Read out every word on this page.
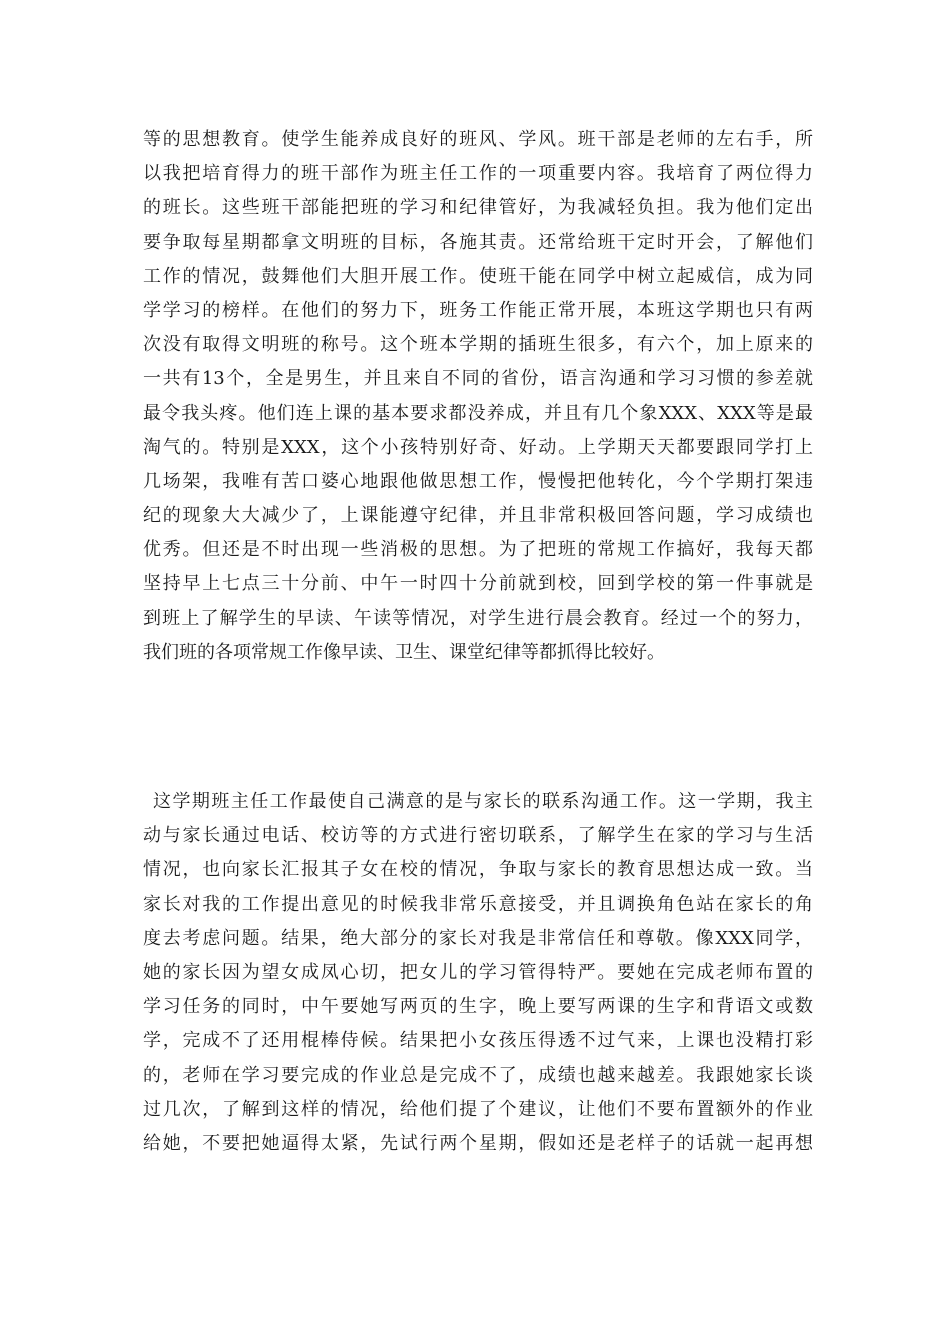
等的思想教育。使学生能养成良好的班风、学风。班干部是老师的左右手，所
以我把培育得力的班干部作为班主任工作的一项重要内容。我培育了两位得力
的班长。这些班干部能把班的学习和纪律管好，为我减轻负担。我为他们定出
要争取每星期都拿文明班的目标，各施其责。还常给班干定时开会，了解他们
工作的情况，鼓舞他们大胆开展工作。使班干能在同学中树立起威信，成为同
学学习的榜样。在他们的努力下，班务工作能正常开展，本班这学期也只有两
次没有取得文明班的称号。这个班本学期的插班生很多，有六个，加上原来的
一共有13个，全是男生，并且来自不同的省份，语言沟通和学习习惯的参差就
最令我头疼。他们连上课的基本要求都没养成，并且有几个象XXX、XXX等是最
淘气的。特别是XXX，这个小孩特别好奇、好动。上学期天天都要跟同学打上
几场架，我唯有苦口婆心地跟他做思想工作，慢慢把他转化，今个学期打架违
纪的现象大大减少了，上课能遵守纪律，并且非常积极回答问题，学习成绩也
优秀。但还是不时出现一些消极的思想。为了把班的常规工作搞好，我每天都
坚持早上七点三十分前、中午一时四十分前就到校，回到学校的第一件事就是
到班上了解学生的早读、午读等情况，对学生进行晨会教育。经过一个的努力，
我们班的各项常规工作像早读、卫生、课堂纪律等都抓得比较好。
这学期班主任工作最使自己满意的是与家长的联系沟通工作。这一学期，我主
动与家长通过电话、校访等的方式进行密切联系，了解学生在家的学习与生活
情况，也向家长汇报其子女在校的情况，争取与家长的教育思想达成一致。当
家长对我的工作提出意见的时候我非常乐意接受，并且调换角色站在家长的角
度去考虑问题。结果，绝大部分的家长对我是非常信任和尊敬。像XXX同学，
她的家长因为望女成凤心切，把女儿的学习管得特严。要她在完成老师布置的
学习任务的同时，中午要她写两页的生字，晚上要写两课的生字和背语文或数
学，完成不了还用棍棒侍候。结果把小女孩压得透不过气来，上课也没精打彩
的，老师在学习要完成的作业总是完成不了，成绩也越来越差。我跟她家长谈
过几次，了解到这样的情况，给他们提了个建议，让他们不要布置额外的作业
给她，不要把她逼得太紧，先试行两个星期，假如还是老样子的话就一起再想
